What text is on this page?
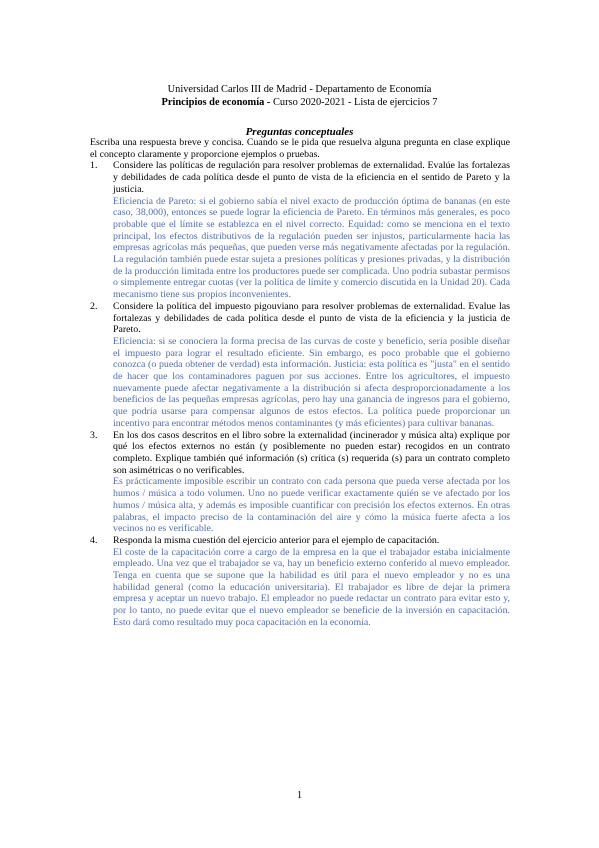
Universidad Carlos III de Madrid - Departamento de Economía
Principios de economía - Curso 2020-2021 - Lista de ejercicios 7
Preguntas conceptuales

Escriba una respuesta breve y concisa. Cuando se le pida que resuelva alguna pregunta en clase explique el concepto claramente y proporcione ejemplos o pruebas.

1.	Considere las políticas de regulación para resolver problemas de externalidad. Evalúe las fortalezas y debilidades de cada política desde el punto de vista de la eficiencia en el sentido de Pareto y la justicia.

Eficiencia de Pareto: si el gobierno sabía el nivel exacto de producción óptima de bananas (en este caso, 38,000), entonces se puede lograr la eficiencia de Pareto. En términos más generales, es poco probable que el límite se establezca en el nivel correcto. Equidad: como se menciona en el texto principal, los efectos distributivos de la regulación pueden ser injustos, particularmente hacia las empresas agrícolas más pequeñas, que pueden verse más negativamente afectadas por la regulación. La regulación también puede estar sujeta a presiones políticas y presiones privadas, y la distribución de la producción limitada entre los productores puede ser complicada. Uno podría subastar permisos o simplemente entregar cuotas (ver la política de límite y comercio discutida en la Unidad 20). Cada mecanismo tiene sus propios inconvenientes.

2.	Considere la política del impuesto pigouviano para resolver problemas de externalidad. Evalue las fortalezas y debilidades de cada política desde el punto de vista de la eficiencia y la justicia de Pareto.

Eficiencia: si se conociera la forma precisa de las curvas de coste y beneficio, sería posible diseñar el impuesto para lograr el resultado eficiente. Sin embargo, es poco probable que el gobierno conozca (o pueda obtener de verdad) esta información. Justicia: esta política es "justa" en el sentido de hacer que los contaminadores paguen por sus acciones. Entre los agricultores, el impuesto nuevamente puede afectar negativamente a la distribución si afecta desproporcionadamente a los beneficios de las pequeñas empresas agrícolas, pero hay una ganancia de ingresos para el gobierno, que podría usarse para compensar algunos de estos efectos. La política puede proporcionar un incentivo para encontrar métodos menos contaminantes (y más eficientes) para cultivar bananas.

3.	En los dos casos descritos en el libro sobre la externalidad (incinerador y música alta) explique por qué los efectos externos no están (y posiblemente no pueden estar) recogidos en un contrato completo. Explique también qué información (s) crítica (s) requerida (s) para un contrato completo son asimétricas o no verificables.

Es prácticamente imposible escribir un contrato con cada persona que pueda verse afectada por los humos / música a todo volumen. Uno no puede verificar exactamente quién se ve afectado por los humos / música alta, y además es imposible cuantificar con precisión los efectos externos. En otras palabras, el impacto preciso de la contaminación del aire y cómo la música fuerte afecta a los vecinos no es verificable.

4.	Responda la misma cuestión del ejercicio anterior para el ejemplo de capacitación.

El coste de la capacitación corre a cargo de la empresa en la que el trabajador estaba inicialmente empleado. Una vez que el trabajador se va, hay un beneficio externo conferido al nuevo empleador. Tenga en cuenta que se supone que la habilidad es útil para el nuevo empleador y no es una habilidad general (como la educación universitaria). El trabajador es libre de dejar la primera empresa y aceptar un nuevo trabajo. El empleador no puede redactar un contrato para evitar esto y, por lo tanto, no puede evitar que el nuevo empleador se beneficie de la inversión en capacitación. Esto dará como resultado muy poca capacitación en la economía.

1
